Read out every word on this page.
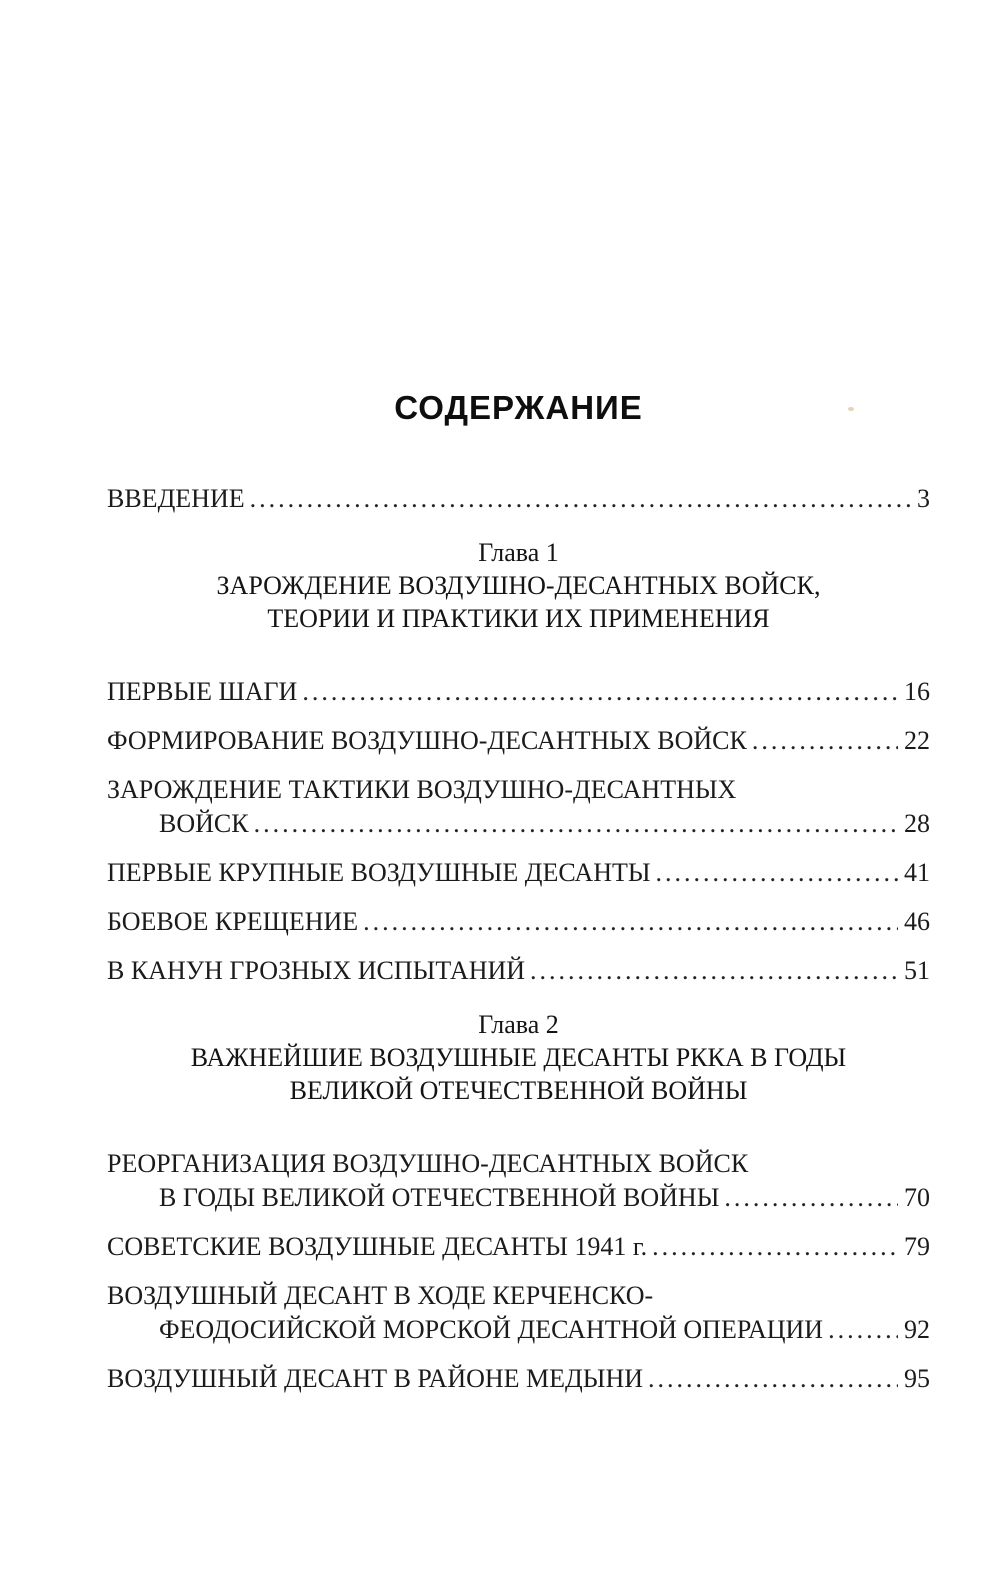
СОДЕРЖАНИЕ
ВВЕДЕНИЕ .....	3
Глава 1
ЗАРОЖДЕНИЕ ВОЗДУШНО-ДЕСАНТНЫХ ВОЙСК,
ТЕОРИИ И ПРАКТИКИ ИХ ПРИМЕНЕНИЯ
ПЕРВЫЕ ШАГИ .....	16
ФОРМИРОВАНИЕ ВОЗДУШНО-ДЕСАНТНЫХ ВОЙСК .....	22
ЗАРОЖДЕНИЕ ТАКТИКИ ВОЗДУШНО-ДЕСАНТНЫХ
ВОЙСК .....	28
ПЕРВЫЕ КРУПНЫЕ ВОЗДУШНЫЕ ДЕСАНТЫ .....	41
БОЕВОЕ КРЕЩЕНИЕ .....	46
В КАНУН ГРОЗНЫХ ИСПЫТАНИЙ .....	51
Глава 2
ВАЖНЕЙШИЕ ВОЗДУШНЫЕ ДЕСАНТЫ РККА В ГОДЫ
ВЕЛИКОЙ ОТЕЧЕСТВЕННОЙ ВОЙНЫ
РЕОРГАНИЗАЦИЯ ВОЗДУШНО-ДЕСАНТНЫХ ВОЙСК
В ГОДЫ ВЕЛИКОЙ ОТЕЧЕСТВЕННОЙ ВОЙНЫ .....	70
СОВЕТСКИЕ ВОЗДУШНЫЕ ДЕСАНТЫ 1941 г. .....	79
ВОЗДУШНЫЙ ДЕСАНТ В ХОДЕ КЕРЧЕНСКО-
ФЕОДОСИЙСКОЙ МОРСКОЙ ДЕСАНТНОЙ ОПЕРАЦИИ .....	92
ВОЗДУШНЫЙ ДЕСАНТ В РАЙОНЕ МЕДЫНИ .....	95
